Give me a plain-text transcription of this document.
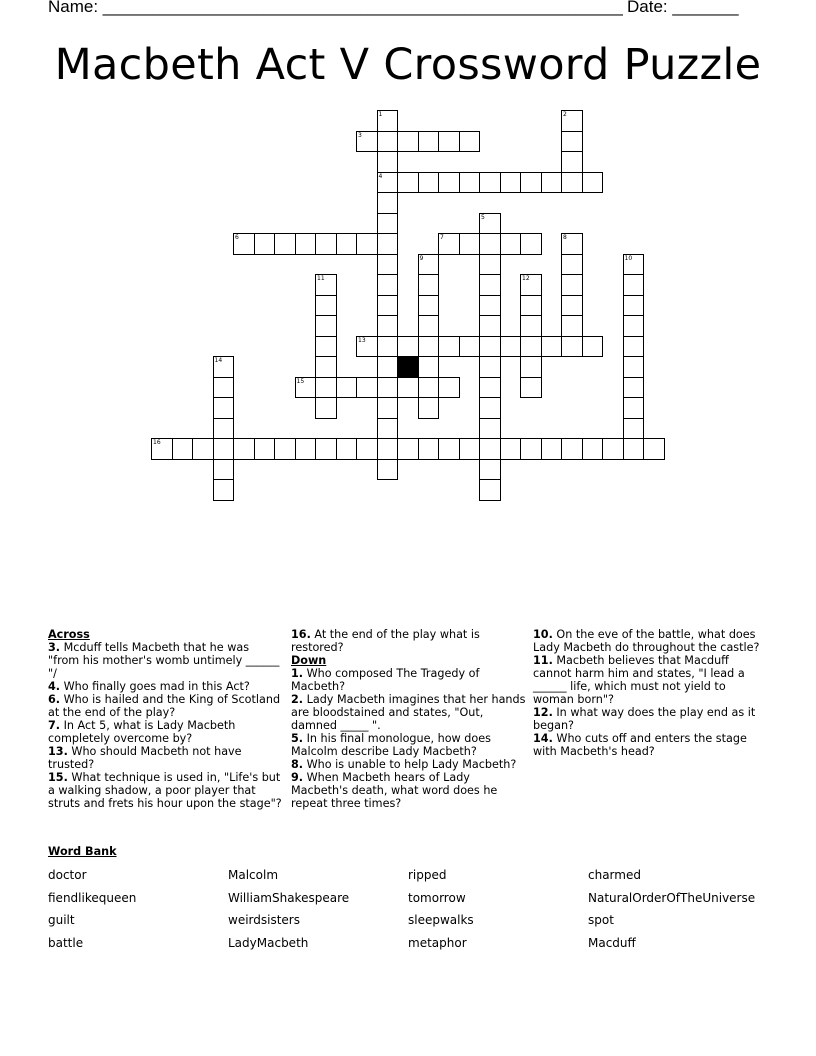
Name: _______________________________________________________ Date: _______
Macbeth Act V Crossword Puzzle
1
4
2
3
5
6	7	8
9	10
11	12
13
14
15
16
Across
3. Mcduff tells Macbeth that he was "from his mother's womb untimely ______ "/
4. Who finally goes mad in this Act?
6. Who is hailed and the King of Scotland at the end of the play?
7. In Act 5, what is Lady Macbeth completely overcome by?
13. Who should Macbeth not have trusted?
15. What technique is used in, "Life's but a walking shadow, a poor player that struts and frets his hour upon the stage"?
16. At the end of the play what is restored?
Down
1. Who composed The Tragedy of Macbeth?
2. Lady Macbeth imagines that her hands are bloodstained and states, "Out, damned _____ ".
5. In his final monologue, how does Malcolm describe Lady Macbeth?
8. Who is unable to help Lady Macbeth?
9. When Macbeth hears of Lady Macbeth's death, what word does he repeat three times?
10. On the eve of the battle, what does Lady Macbeth do throughout the castle?
11. Macbeth believes that Macduff cannot harm him and states, "I lead a ______ life, which must not yield to woman born"?
12. In what way does the play end as it began?
14. Who cuts off and enters the stage with Macbeth's head?
Word Bank
doctor	Malcolm	ripped	charmed
fiendlikequeen	WilliamShakespeare	tomorrow	NaturalOrderOfTheUniverse
guilt	weirdsisters	sleepwalks	spot
battle	LadyMacbeth	metaphor	Macduff
